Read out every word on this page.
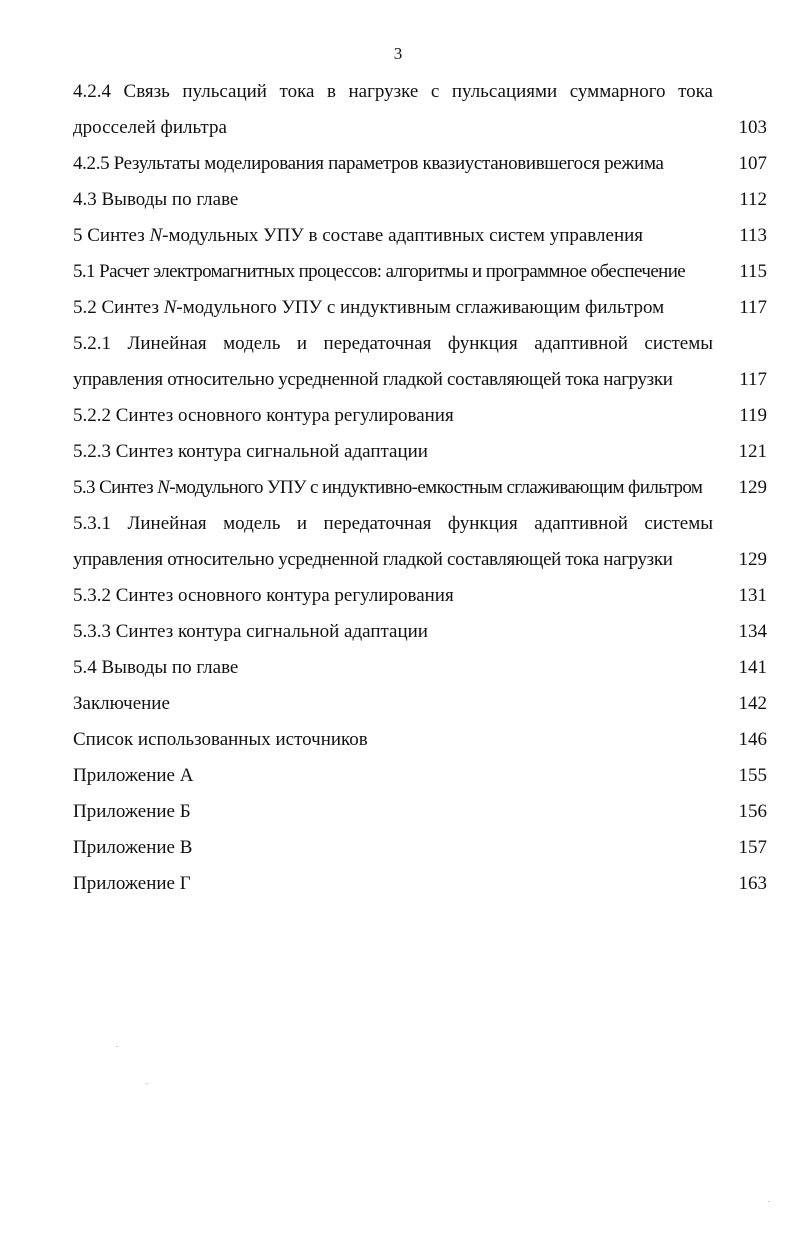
3
4.2.4 Связь пульсаций тока в нагрузке с пульсациями суммарного тока
дросселей фильтра	103
4.2.5 Результаты моделирования параметров квазиустановившегося режима	107
4.3 Выводы по главе	112
5 Синтез N-модульных УПУ в составе адаптивных систем управления	113
5.1 Расчет электромагнитных процессов: алгоритмы и программное обеспечение	115
5.2 Синтез N-модульного УПУ с индуктивным сглаживающим фильтром	117
5.2.1 Линейная модель и передаточная функция адаптивной системы
управления относительно усредненной гладкой составляющей тока нагрузки	117
5.2.2 Синтез основного контура регулирования	119
5.2.3 Синтез контура сигнальной адаптации	121
5.3 Синтез N-модульного УПУ с индуктивно-емкостным сглаживающим фильтром	129
5.3.1 Линейная модель и передаточная функция адаптивной системы
управления относительно усредненной гладкой составляющей тока нагрузки	129
5.3.2 Синтез основного контура регулирования	131
5.3.3 Синтез контура сигнальной адаптации	134
5.4 Выводы по главе	141
Заключение	142
Список использованных источников	146
Приложение А	155
Приложение Б	156
Приложение В	157
Приложение Г	163
